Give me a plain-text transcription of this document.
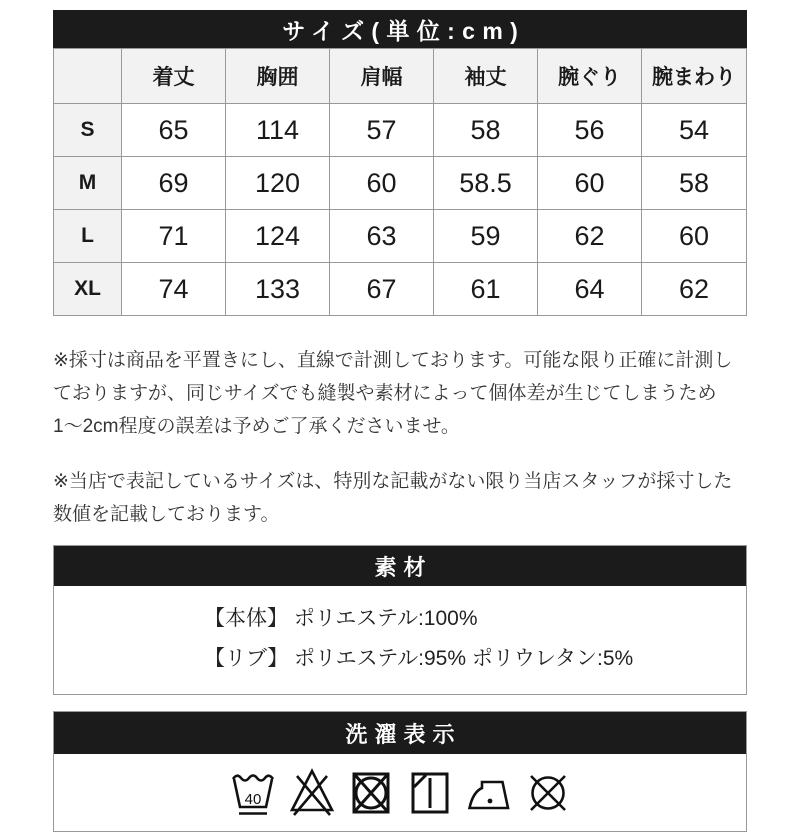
サイズ(単位:cm)
	着丈	胸囲	肩幅	袖丈	腕ぐり	腕まわり
S	65	114	57	58	56	54
M	69	120	60	58.5	60	58
L	71	124	63	59	62	60
XL	74	133	67	61	64	62

※採寸は商品を平置きにし、直線で計測しております。可能な限り正確に計測しておりますが、同じサイズでも縫製や素材によって個体差が生じてしまうため 1〜2cm程度の誤差は予めご了承くださいませ。

※当店で表記しているサイズは、特別な記載がない限り当店スタッフが採寸した数値を記載しております。

素材
【本体】 ポリエステル:100%
【リブ】 ポリエステル:95% ポリウレタン:5%
洗濯表示
40
